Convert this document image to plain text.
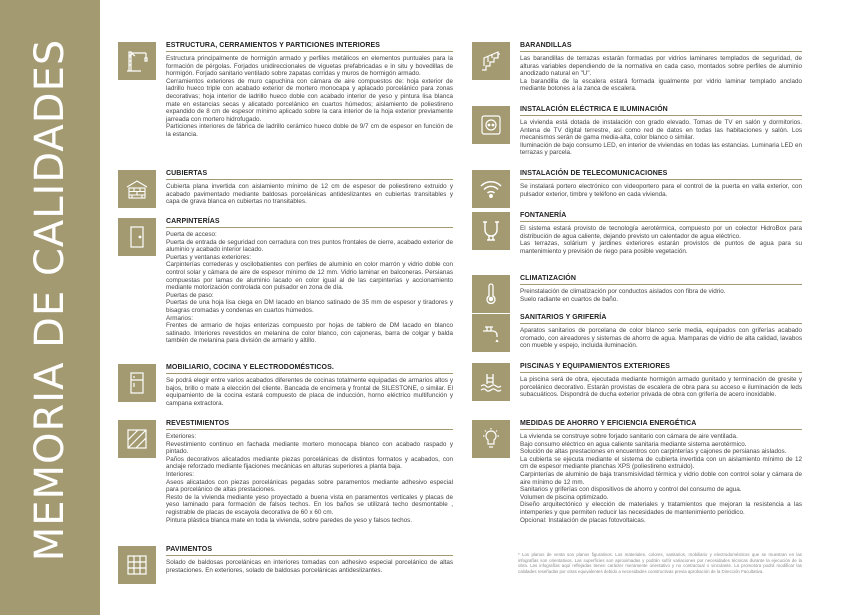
MEMORIA DE CALIDADES	ESTRUCTURA, CERRAMIENTOS Y PARTICIONES INTERIORES

Estructura principalmente de hormigón armado y perfiles metálicos en elementos puntuales para la formación de pérgolas. Forjados unidireccionales de viguetas prefabricadas e in situ y bovedillas de hormigón. Forjado sanitario ventilado sobre zapatas corridas y muros de hormigón armado.

Cerramientos exteriores de muro capuchina con cámara de aire compuestos de: hoja exterior de ladrillo hueco triple con acabado exterior de mortero monocapa y aplacado porcelánico para zonas decorativas; hoja interior de ladrillo hueco doble con acabado interior de yeso y pintura lisa blanca mate en estancias secas y alicatado porcelánico en cuartos húmedos; aislamiento de poliestireno expandido de 8 cm de espesor mínimo aplicado sobre la cara interior de la hoja exterior previamente jarreada con mortero hidrofugado.

Particiones interiores de fábrica de ladrillo cerámico hueco doble de 9/7 cm de espesor en función de la estancia.

CUBIERTAS

Cubierta plana invertida con aislamiento mínimo de 12 cm de espesor de poliestireno extruido y acabado pavimentado mediante baldosas porcelánicas antideslizantes en cubiertas transitables y capa de grava blanca en cubiertas no transitables.

CARPINTERÍAS

Puerta de acceso:

Puerta de entrada de seguridad con cerradura con tres puntos frontales de cierre, acabado exterior de aluminio y acabado interior lacado.

Puertas y ventanas exteriores:

Carpinterías correderas y oscilobatientes con perfiles de aluminio en color marrón y vidrio doble con control solar y cámara de aire de espesor mínimo de 12 mm. Vidrio laminar en balconeras. Persianas compuestas por lamas de aluminio lacado en color igual al de las carpinterías y accionamiento mediante motorización controlada con pulsador en zona de día.

Puertas de paso:

Puertas de una hoja lisa ciega en DM lacado en blanco satinado de 35 mm de espesor y tiradores y bisagras cromadas y condenas en cuartos húmedos.

Armarios:

Frentes de armario de hojas enterizas compuesto por hojas de tablero de DM lacado en blanco satinado. Interiores revestidos en melanina de color blanco, con cajoneras, barra de colgar y balda también de melanina para división de armario y altillo.

MOBILIARIO, COCINA Y ELECTRODOMÉSTICOS.

Se podrá elegir entre varios acabados diferentes de cocinas totalmente equipadas de armarios altos y bajos, brillo o mate a elección del cliente. Bancada de encimera y frontal de SILESTONE, o similar. El equipamiento de la cocina estará compuesto de placa de inducción, horno eléctrico multifunción y campana extractora.

REVESTIMIENTOS

Exteriores:

Revestimiento continuo en fachada mediante mortero monocapa blanco con acabado raspado y pintado.

Paños decorativos alicatados mediante piezas porcelánicas de distintos formatos y acabados, con anclaje reforzado mediante fijaciones mecánicas en alturas superiores a planta baja.

Interiores:

Aseos alicatados con piezas porcelánicas pegadas sobre paramentos mediante adhesivo especial para porcelánico de altas prestaciones.

Resto de la vivienda mediante yeso proyectado a buena vista en paramentos verticales y placas de yeso laminado para formación de falsos techos. En los baños se utilizará techo desmontable , registrable de placas de escayola decorativa de 60 x 60 cm.

Pintura plástica blanca mate en toda la vivienda, sobre paredes de yeso y falsos techos.

PAVIMENTOS

Solado de baldosas porcelánicas en interiores tomadas con adhesivo especial porcelánico de altas prestaciones. En exteriores, solado de baldosas porcelánicas antideslizantes.

BARANDILLAS

Las barandillas de terrazas estarán formadas por vidrios laminares templados de seguridad, de alturas variables dependiendo de la normativa en cada caso, montados sobre perfiles de aluminio anodizado natural en "U".

La barandilla de la escalera estará formada igualmente por vidrio laminar templado anclado mediante botones a la zanca de escalera.

INSTALACIÓN ELÉCTRICA E ILUMINACIÓN

La vivienda está dotada de instalación con grado elevado. Tomas de TV en salón y dormitorios. Antena de TV digital terrestre, así como red de datos en todas las habitaciones y salón. Los mecanismos serán de gama media-alta, color blanco o similar.

Iluminación de bajo consumo LED, en interior de viviendas en todas las estancias. Luminaria LED en terrazas y parcela.

INSTALACIÓN DE TELECOMUNICACIONES

Se instalará portero electrónico con videoportero para el control de la puerta en valla exterior, con pulsador exterior, timbre y teléfono en cada vivienda.

FONTANERÍA

El sistema estará provisto de tecnología aerotérmica, compuesto por un colector HidroBox para distribución de agua caliente, dejando previsto un calentador de agua eléctrico.

Las terrazas, solárium y jardines exteriores estarán provistos de puntos de agua para su mantenimiento y previsión de riego para posible vegetación.

CLIMATIZACIÓN

Preinstalación de climatización por conductos aislados con fibra de vidrio.

Suelo radiante en cuartos de baño.

SANITARIOS Y GRIFERÍA

Aparatos sanitarios de porcelana de color blanco serie media, equipados con griferías acabado cromado, con aireadores y sistemas de ahorro de agua. Mamparas de vidrio de alta calidad, lavabos con mueble y espejo, incluida iluminación.

PISCINAS Y EQUIPAMIENTOS EXTERIORES

La piscina será de obra, ejecutada mediante hormigón armado gunitado y terminación de gresite y porcelánico decorativo. Estarán provistas de escalera de obra para su acceso e iluminación de leds subacuáticos. Dispondrá de ducha exterior privada de obra con grifería de acero inoxidable.

MEDIDAS DE AHORRO Y EFICIENCIA ENERGÉTICA

La vivienda se construye sobre forjado sanitario con cámara de aire ventilada.

Bajo consumo eléctrico en agua caliente sanitaria mediante sistema aerotérmico.

Solución de altas prestaciones en encuentros con carpinterías y cajones de persianas aislados.

La cubierta se ejecuta mediante el sistema de cubierta invertida con un aislamiento mínimo de 12 cm de espesor mediante planchas XPS (poliestireno extruido).

Carpinterías de aluminio de baja transmisividad térmica y vidrio doble con control solar y cámara de aire mínimo de 12 mm.

Sanitarios y griferías con dispositivos de ahorro y control del consumo de agua.

Volumen de piscina optimizado.

Diseño arquitectónico y elección de materiales y tratamientos que mejoran la resistencia a las intemperies y que permiten reducir las necesidades de mantenimiento periódico.

Opcional: Instalación de placas fotovoltaicas.

* Los planos de venta son planos figurativos. Los materiales, colores, sanitarios, mobiliario y electrodomésticos que se muestran en las infografías son orientativos. Las superficies son aproximadas y podrán sufrir variaciones por necesidades técnicas durante la ejecución de la obra. Las infografías aquí reflejadas tienen carácter meramente orientativo y no contractual o vinculante. La promotora podrá modificar las calidades reseñadas por otras equivalentes debido a necesidades constructivas previa aprobación de la Dirección Facultativa.
